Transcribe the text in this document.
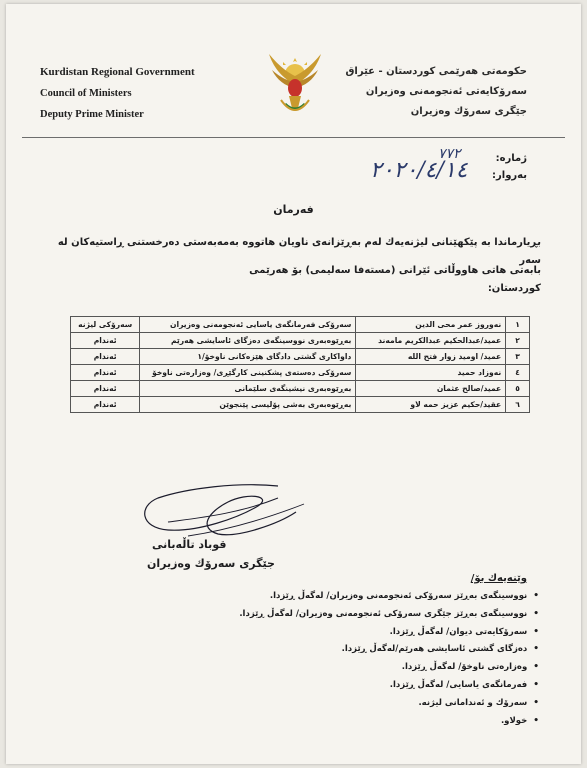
Kurdistan Regional Government
Council of Ministers
Deputy Prime Minister
حكومەتی هەرێمی كوردستان - عێراق
سەرۆكایەتی ئەنجومەنی وەزیران
جێگری سەرۆك وەزیران
ژمارە:
بەروار:
٧٧٢
٢٠٢٠/٤/١٤
فەرمان
بڕیارماندا بە پێكهێنانی لیژنەیەك لەم بەڕێزانەی ناویان هاتووە بەمەبەستی دەرخستنی ڕاستیەكان لە سەر
بابەتی هاتی هاووڵاتی ئێرانی (مستەفا سەلیمی) بۆ هەرێمی كوردستان:
١	نەوروز عمر محی الدین	سەرۆكی فەرمانگەی یاسایی ئەنجومەنی وەزیران	سەرۆكی لیژنە
٢	عمید/عبدالحكیم عبدالكریم مامەند	بەڕێوەبەری نووسینگەی دەزگای ئاسایشی هەرێم	ئەندام
٣	عمید/ اومید زوار فتح الله	داواكاری گشتی دادگای هێزەكانی ناوخۆ/١	ئەندام
٤	نەوزاد حمید	سەرۆكی دەستەی پشكنینی كارگێڕی/ وەزارەتی ناوخۆ	ئەندام
٥	عمید/صالح عثمان	بەڕێوەبەری نیشینگەی سلێمانی	ئەندام
٦	عقید/حكیم عزیز حمە لاو	بەڕێوەبەری بەشی پۆلیسی پێنجوێن	ئەندام
قوباد تاڵەبانی
جێگری سەرۆك وەزیران
وێنەیەك بۆ/
• نووسینگەی بەڕێز سەرۆكی ئەنجومەنی وەزیران/ لەگەڵ ڕێزدا.
• نووسینگەی بەڕێز جێگری سەرۆكی ئەنجومەنی وەزیران/ لەگەڵ ڕێزدا.
• سەرۆكایەتی دیوان/ لەگەڵ ڕێزدا.
• دەزگای گشتی ئاسایشی هەرێم/لەگەڵ ڕێزدا.
• وەزارەتی ناوخۆ/ لەگەڵ ڕێزدا.
• فەرمانگەی یاسایی/ لەگەڵ ڕێزدا.
• سەرۆك و ئەندامانی لیژنە.
• خولاو.
